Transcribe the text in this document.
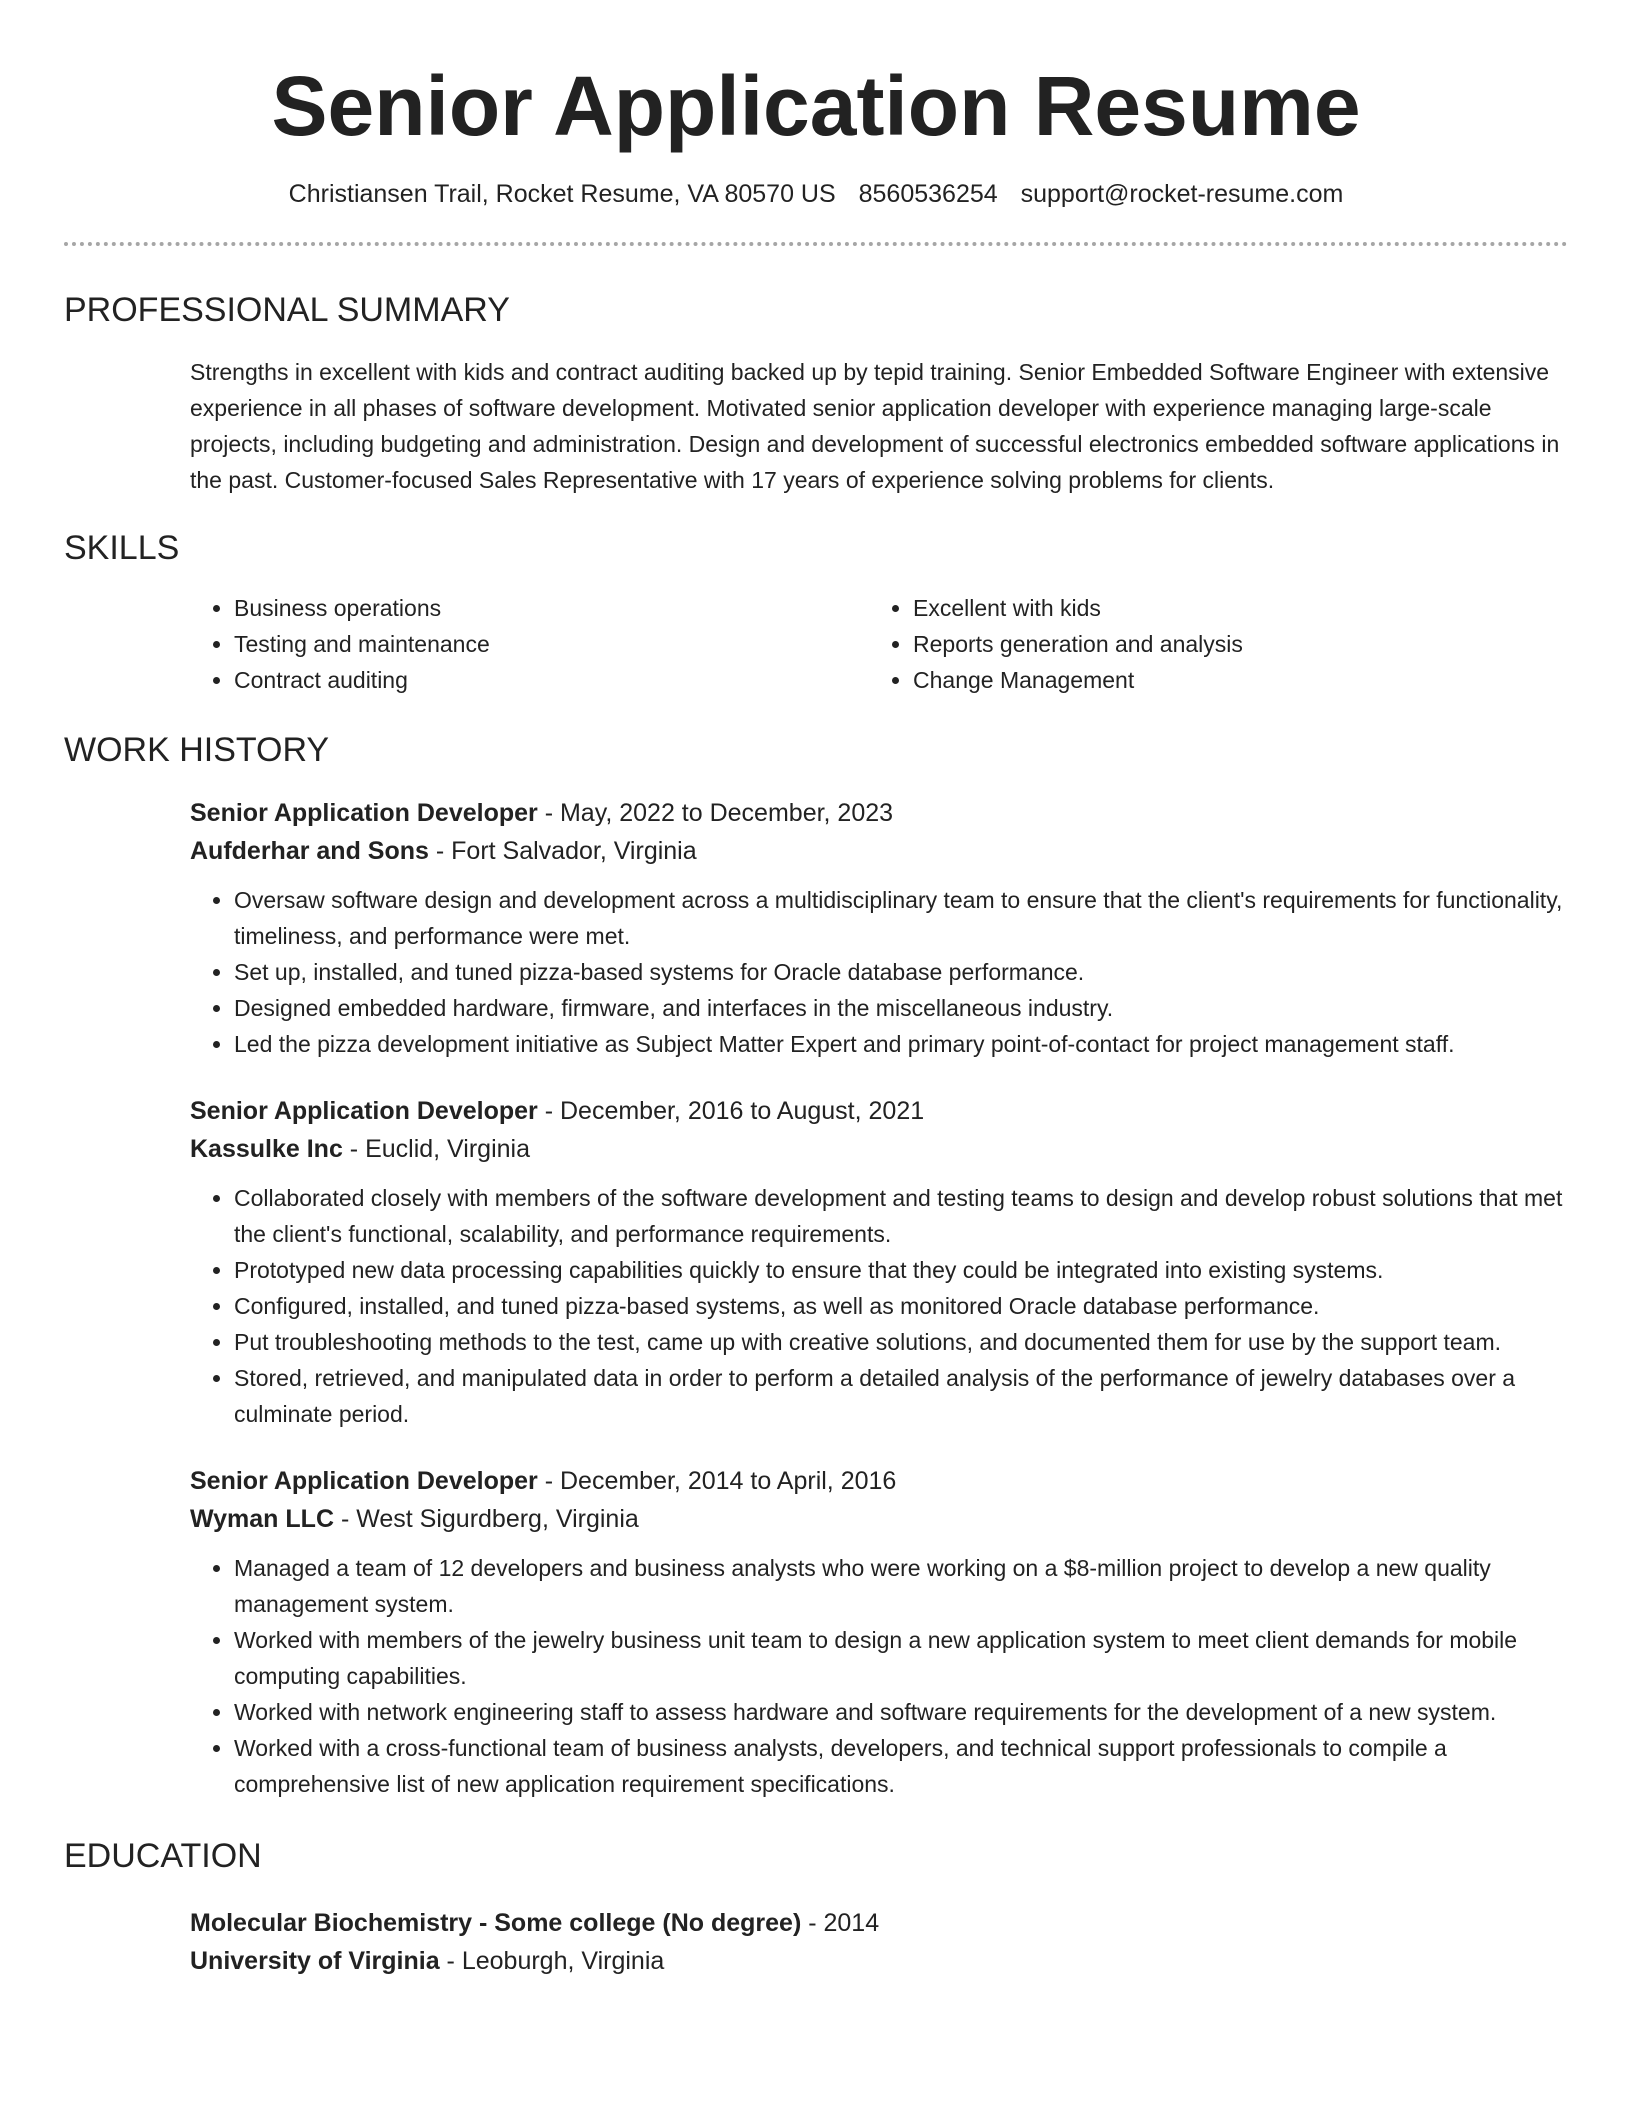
Senior Application Resume
Christiansen Trail, Rocket Resume, VA 80570 US 8560536254 support@rocket-resume.com
PROFESSIONAL SUMMARY
Strengths in excellent with kids and contract auditing backed up by tepid training. Senior Embedded Software Engineer with extensive experience in all phases of software development. Motivated senior application developer with experience managing large-scale projects, including budgeting and administration. Design and development of successful electronics embedded software applications in the past. Customer-focused Sales Representative with 17 years of experience solving problems for clients.
SKILLS
• Business operations
• Testing and maintenance
• Contract auditing
• Excellent with kids
• Reports generation and analysis
• Change Management
WORK HISTORY
Senior Application Developer - May, 2022 to December, 2023
Aufderhar and Sons - Fort Salvador, Virginia
• Oversaw software design and development across a multidisciplinary team to ensure that the client's requirements for functionality, timeliness, and performance were met.
• Set up, installed, and tuned pizza-based systems for Oracle database performance.
• Designed embedded hardware, firmware, and interfaces in the miscellaneous industry.
• Led the pizza development initiative as Subject Matter Expert and primary point-of-contact for project management staff.
Senior Application Developer - December, 2016 to August, 2021
Kassulke Inc - Euclid, Virginia
• Collaborated closely with members of the software development and testing teams to design and develop robust solutions that met the client's functional, scalability, and performance requirements.
• Prototyped new data processing capabilities quickly to ensure that they could be integrated into existing systems.
• Configured, installed, and tuned pizza-based systems, as well as monitored Oracle database performance.
• Put troubleshooting methods to the test, came up with creative solutions, and documented them for use by the support team.
• Stored, retrieved, and manipulated data in order to perform a detailed analysis of the performance of jewelry databases over a culminate period.
Senior Application Developer - December, 2014 to April, 2016
Wyman LLC - West Sigurdberg, Virginia
• Managed a team of 12 developers and business analysts who were working on a $8-million project to develop a new quality management system.
• Worked with members of the jewelry business unit team to design a new application system to meet client demands for mobile computing capabilities.
• Worked with network engineering staff to assess hardware and software requirements for the development of a new system.
• Worked with a cross-functional team of business analysts, developers, and technical support professionals to compile a comprehensive list of new application requirement specifications.
EDUCATION
Molecular Biochemistry - Some college (No degree) - 2014
University of Virginia - Leoburgh, Virginia
